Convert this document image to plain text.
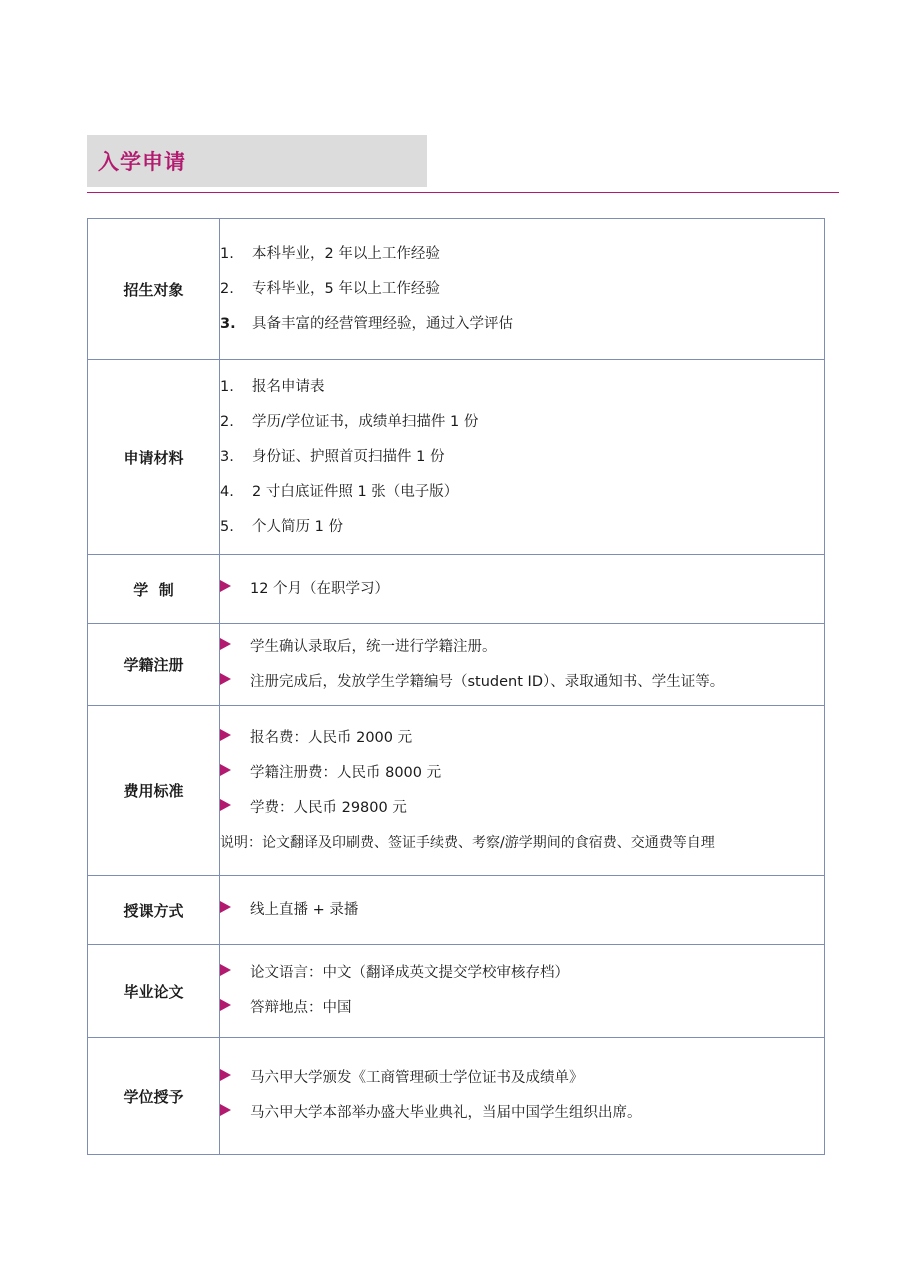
入学申请
招生对象	1. 本科毕业，2 年以上工作经验
2. 专科毕业，5 年以上工作经验
3. 具备丰富的经营管理经验，通过入学评估

申请材料	1. 报名申请表
2. 学历/学位证书，成绩单扫描件 1 份
3. 身份证、护照首页扫描件 1 份
4. 2 寸白底证件照 1 张（电子版）
5. 个人简历 1 份

学  制	12 个月（在职学习）

学籍注册	学生确认录取后，统一进行学籍注册。
注册完成后，发放学生学籍编号（student ID）、录取通知书、学生证等。

费用标准	报名费：人民币 2000 元
学籍注册费：人民币 8000 元
学费：人民币 29800 元
说明：论文翻译及印刷费、签证手续费、考察/游学期间的食宿费、交通费等自理

授课方式	线上直播 + 录播

毕业论文	论文语言：中文（翻译成英文提交学校审核存档）
答辩地点：中国

学位授予	马六甲大学颁发《工商管理硕士学位证书及成绩单》
马六甲大学本部举办盛大毕业典礼，当届中国学生组织出席。
